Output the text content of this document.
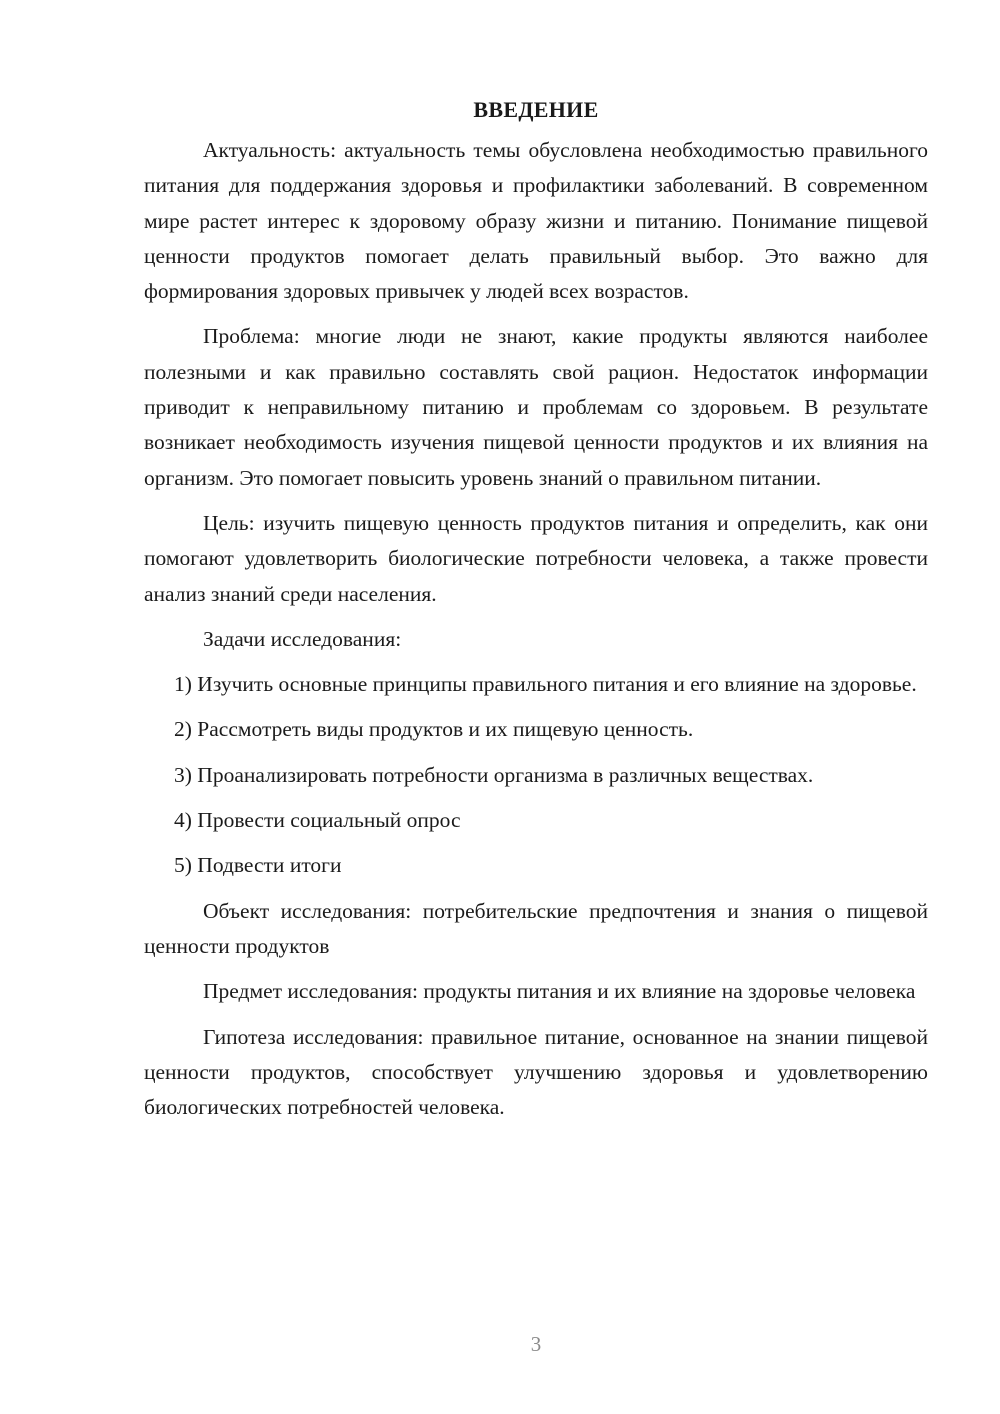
ВВЕДЕНИЕ

Актуальность: актуальность темы обусловлена необходимостью правильного питания для поддержания здоровья и профилактики заболеваний. В современном мире растет интерес к здоровому образу жизни и питанию. Понимание пищевой ценности продуктов помогает делать правильный выбор. Это важно для формирования здоровых привычек у людей всех возрастов.

Проблема: многие люди не знают, какие продукты являются наиболее полезными и как правильно составлять свой рацион. Недостаток информации приводит к неправильному питанию и проблемам со здоровьем. В результате возникает необходимость изучения пищевой ценности продуктов и их влияния на организм. Это помогает повысить уровень знаний о правильном питании.

Цель: изучить пищевую ценность продуктов питания и определить, как они помогают удовлетворить биологические потребности человека, а также провести анализ знаний среди населения.

Задачи исследования:

1) Изучить основные принципы правильного питания и его влияние на здоровье.

2) Рассмотреть виды продуктов и их пищевую ценность.

3) Проанализировать потребности организма в различных веществах.

4) Провести социальный опрос

5) Подвести итоги

Объект исследования: потребительские предпочтения и знания о пищевой ценности продуктов

Предмет исследования: продукты питания и их влияние на здоровье человека

Гипотеза исследования: правильное питание, основанное на знании пищевой ценности продуктов, способствует улучшению здоровья и удовлетворению биологических потребностей человека.

3
